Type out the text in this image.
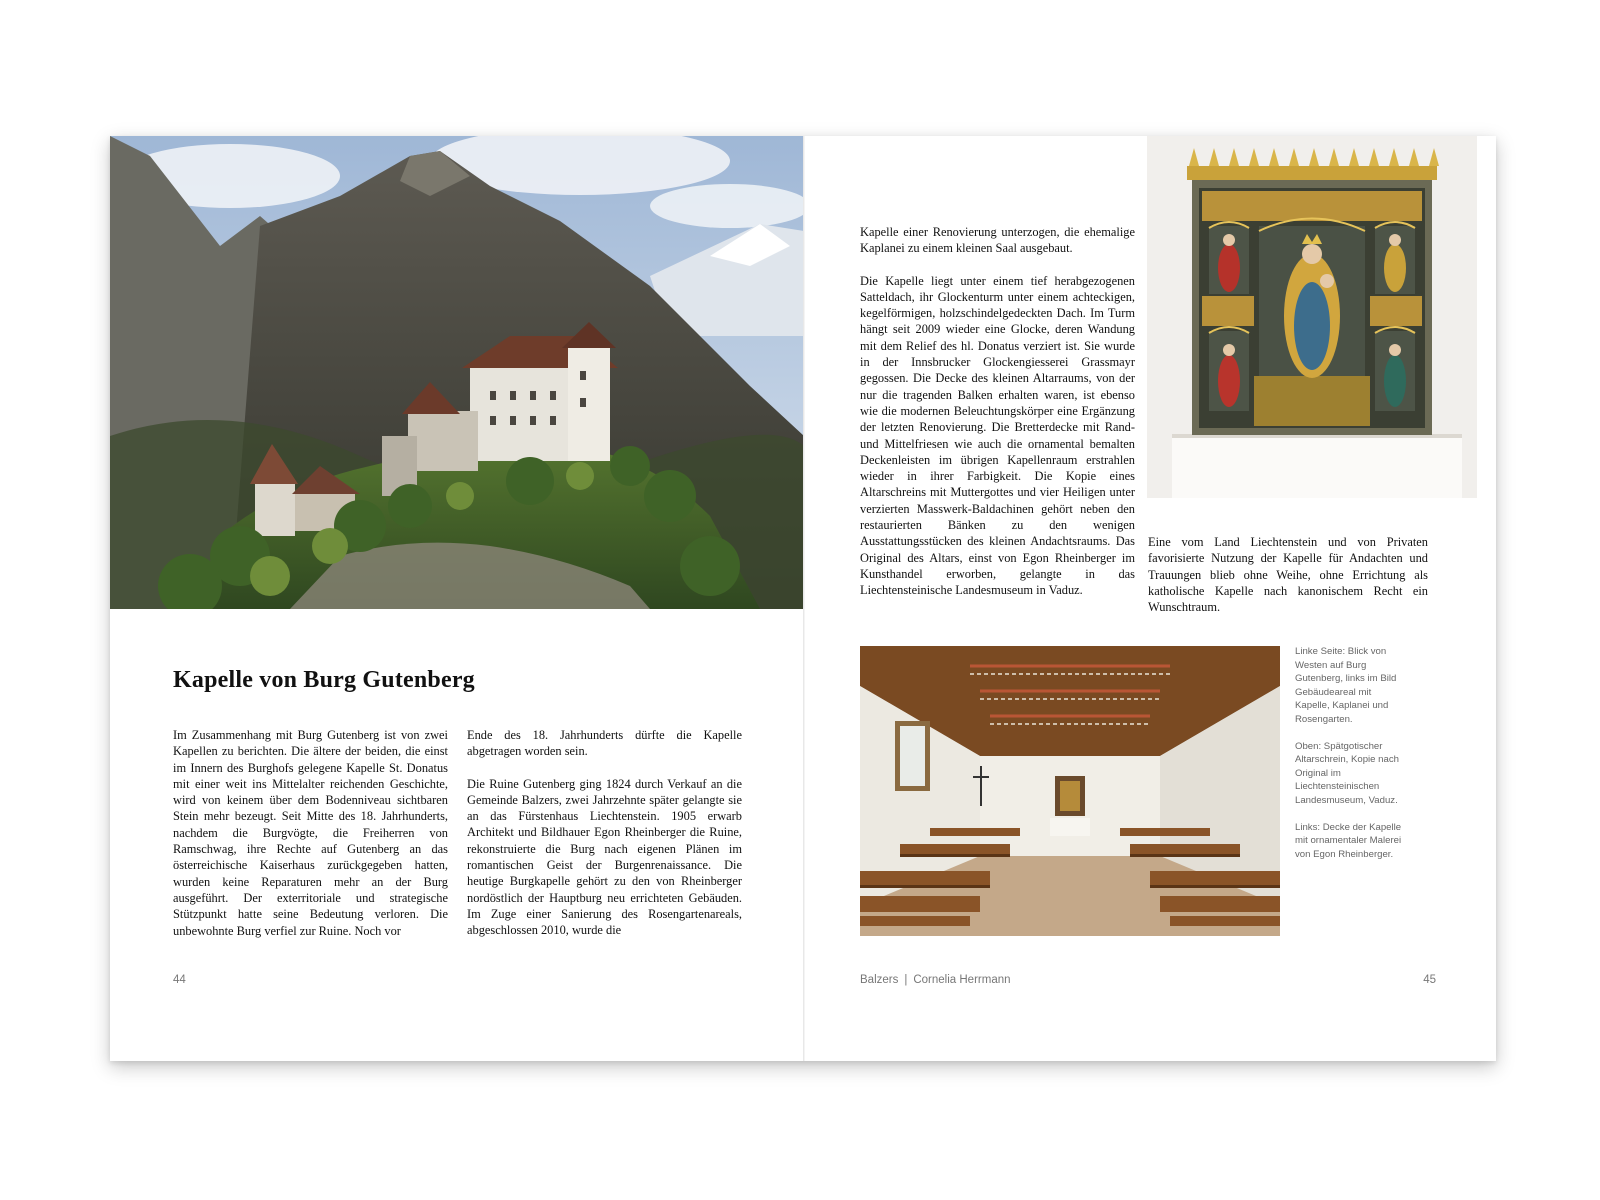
Kapelle von Burg Gutenberg

Im Zusammenhang mit Burg Gutenberg ist von zwei Kapellen zu berichten. Die ältere der beiden, die einst im Innern des Burghofs gelegene Kapelle St. Donatus mit einer weit ins Mittelalter reichenden Geschichte, wird von keinem über dem Bodenniveau sichtbaren Stein mehr bezeugt. Seit Mitte des 18. Jahrhunderts, nachdem die Burgvögte, die Freiherren von Ramschwag, ihre Rechte auf Gutenberg an das österreichische Kaiserhaus zurückgegeben hatten, wurden keine Reparaturen mehr an der Burg ausgeführt. Der exterritoriale und strategische Stützpunkt hatte seine Bedeutung verloren. Die unbewohnte Burg verfiel zur Ruine. Noch vor

Ende des 18. Jahrhunderts dürfte die Kapelle abgetragen worden sein.

Die Ruine Gutenberg ging 1824 durch Verkauf an die Gemeinde Balzers, zwei Jahrzehnte später gelangte sie an das Fürstenhaus Liechtenstein. 1905 erwarb Architekt und Bildhauer Egon Rheinberger die Ruine, rekonstruierte die Burg nach eigenen Plänen im romantischen Geist der Burgenrenaissance. Die heutige Burgkapelle gehört zu den von Rheinberger nordöstlich der Hauptburg neu errichteten Gebäuden. Im Zuge einer Sanierung des Rosengartenareals, abgeschlossen 2010, wurde die

44

Kapelle einer Renovierung unterzogen, die ehemalige Kaplanei zu einem kleinen Saal ausgebaut.

Die Kapelle liegt unter einem tief herabgezogenen Satteldach, ihr Glockenturm unter einem achteckigen, kegelförmigen, holzschindelgedeckten Dach. Im Turm hängt seit 2009 wieder eine Glocke, deren Wandung mit dem Relief des hl. Donatus verziert ist. Sie wurde in der Innsbrucker Glockengiesserei Grassmayr gegossen. Die Decke des kleinen Altarraums, von der nur die tragenden Balken erhalten waren, ist ebenso wie die modernen Beleuchtungskörper eine Ergänzung der letzten Renovierung. Die Bretterdecke mit Rand- und Mittelfriesen wie auch die ornamental bemalten Deckenleisten im übrigen Kapellenraum erstrahlen wieder in ihrer Farbigkeit. Die Kopie eines Altarschreins mit Muttergottes und vier Heiligen unter verzierten Masswerk-Baldachinen gehört neben den restaurierten Bänken zu den wenigen Ausstattungsstücken des kleinen Andachtsraums. Das Original des Altars, einst von Egon Rheinberger im Kunsthandel erworben, gelangte in das Liechtensteinische Landesmuseum in Vaduz.

Eine vom Land Liechtenstein und von Privaten favorisierte Nutzung der Kapelle für Andachten und Trauungen blieb ohne Weihe, ohne Errichtung als katholische Kapelle nach kanonischem Recht ein Wunschtraum.

Linke Seite: Blick von Westen auf Burg Gutenberg, links im Bild Gebäudeareal mit Kapelle, Kaplanei und Rosengarten.

Oben: Spätgotischer Altarschrein, Kopie nach Original im Liechtensteinischen Landesmuseum, Vaduz.

Links: Decke der Kapelle mit ornamentaler Malerei von Egon Rheinberger.

Balzers | Cornelia Herrmann	45
